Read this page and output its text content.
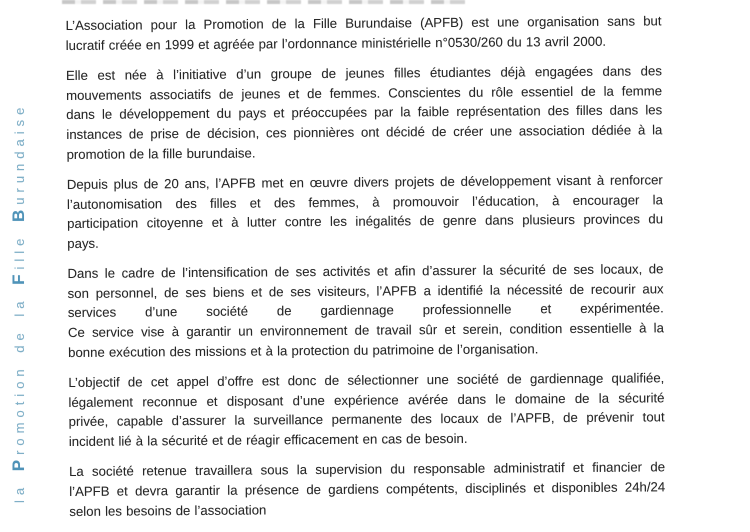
la Promotion de la Fille Burundaise
L’Association pour la Promotion de la Fille Burundaise (APFB) est une organisation sans but
lucratif créée en 1999 et agréée par l’ordonnance ministérielle n°0530/260 du 13 avril 2000.
Elle est née à l’initiative d’un groupe de jeunes filles étudiantes déjà engagées dans des
mouvements associatifs de jeunes et de femmes. Conscientes du rôle essentiel de la femme
dans le développement du pays et préoccupées par la faible représentation des filles dans les
instances de prise de décision, ces pionnières ont décidé de créer une association dédiée à la
promotion de la fille burundaise.
Depuis plus de 20 ans, l’APFB met en œuvre divers projets de développement visant à renforcer
l’autonomisation des filles et des femmes, à promouvoir l’éducation, à encourager la
participation citoyenne et à lutter contre les inégalités de genre dans plusieurs provinces du
pays.
Dans le cadre de l’intensification de ses activités et afin d’assurer la sécurité de ses locaux, de
son personnel, de ses biens et de ses visiteurs, l’APFB a identifié la nécessité de recourir aux
services d’une société de gardiennage professionnelle et expérimentée.
Ce service vise à garantir un environnement de travail sûr et serein, condition essentielle à la
bonne exécution des missions et à la protection du patrimoine de l’organisation.
L’objectif de cet appel d’offre est donc de sélectionner une société de gardiennage qualifiée,
légalement reconnue et disposant d’une expérience avérée dans le domaine de la sécurité
privée, capable d’assurer la surveillance permanente des locaux de l’APFB, de prévenir tout
incident lié à la sécurité et de réagir efficacement en cas de besoin.
La société retenue travaillera sous la supervision du responsable administratif et financier de
l’APFB et devra garantir la présence de gardiens compétents, disciplinés et disponibles 24h/24
selon les besoins de l’association
